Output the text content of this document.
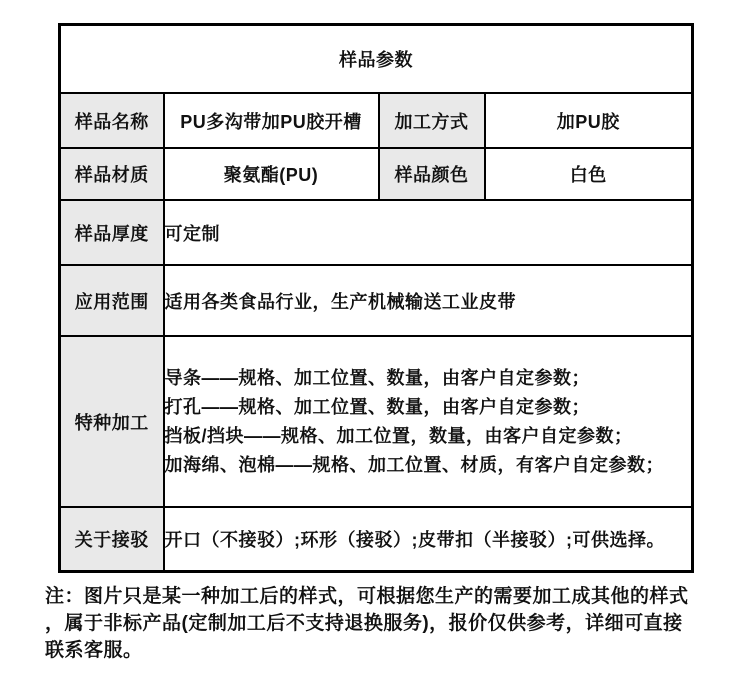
样品参数			
样品名称	PU多沟带加PU胶开槽	加工方式	加PU胶
样品材质	聚氨酯(PU)	样品颜色	白色
样品厚度	可定制		
应用范围	适用各类食品行业，生产机械输送工业皮带		
特种加工	导条——规格、加工位置、数量，由客户自定参数；
打孔——规格、加工位置、数量，由客户自定参数；
挡板/挡块——规格、加工位置，数量，由客户自定参数；
加海绵、泡棉——规格、加工位置、材质，有客户自定参数；		

关于接驳	开口（不接驳）;环形（接驳）;皮带扣（半接驳）;可供选择。		
注：图片只是某一种加工后的样式，可根据您生产的需要加工成其他的样式
，属于非标产品(定制加工后不支持退换服务)，报价仅供参考，详细可直接
联系客服。
